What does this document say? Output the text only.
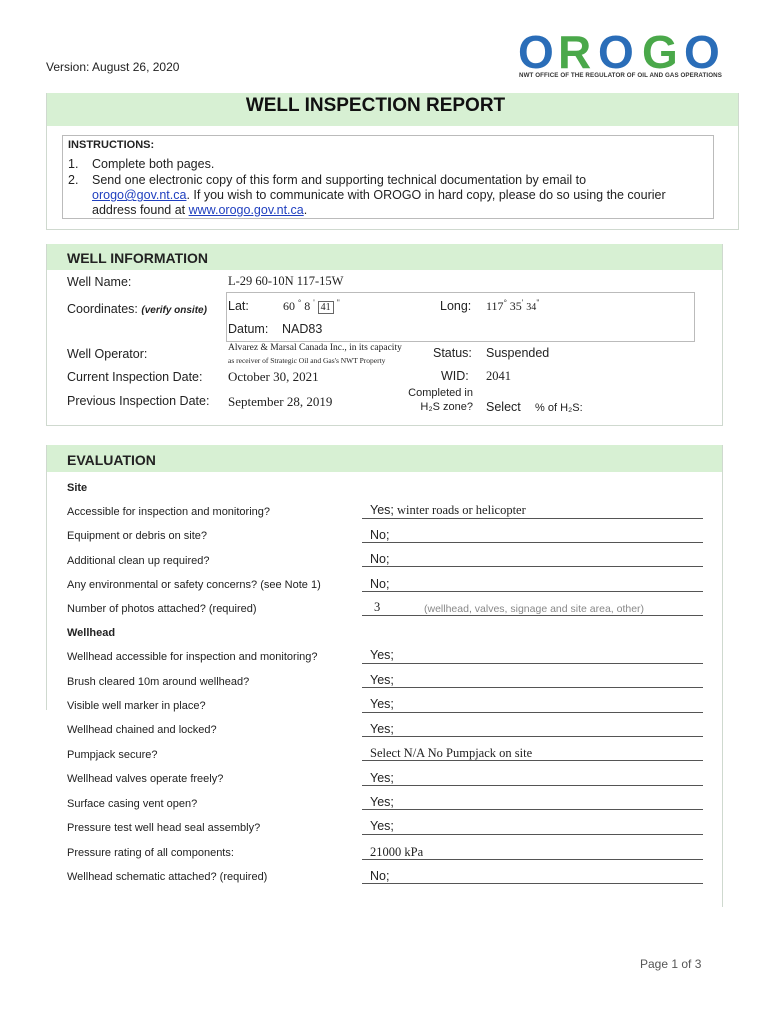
Version: August 26, 2020	O R O G O
NWT OFFICE OF THE REGULATOR OF OIL AND GAS OPERATIONS
WELL INSPECTION REPORT
INSTRUCTIONS:
1. Complete both pages.
2. Send one electronic copy of this form and supporting technical documentation by email to
orogo@gov.nt.ca. If you wish to communicate with OROGO in hard copy, please do so using the courier
address found at www.orogo.gov.nt.ca.
WELL INFORMATION
Well Name:	L-29 60-10N 117-15W
Coordinates: (verify onsite) Lat:	60 ° 8 ' 41 "	Long: 117° 35' 34"
Datum: NAD83
Well Operator:	Alvarez & Marsal Canada Inc., in its capacity
as receiver of Strategic Oil and Gas's NWT Property
Status: Suspended
Current Inspection Date: October 30, 2021	WID: 2041
Previous Inspection Date: September 28, 2019
Completed in
H₂S zone? Select % of H₂S:
EVALUATION
Site
Accessible for inspection and monitoring?	Yes; winter roads or helicopter
Equipment or debris on site?	No;
Additional clean up required?	No;
Any environmental or safety concerns? (see Note 1)	No;
Number of photos attached? (required)	3	(wellhead, valves, signage and site area, other)
Wellhead
Wellhead accessible for inspection and monitoring?	Yes;
Brush cleared 10m around wellhead?	Yes;
Visible well marker in place?	Yes;
Wellhead chained and locked?	Yes;
Pumpjack secure?	Select N/A No Pumpjack on site
Wellhead valves operate freely?	Yes;
Surface casing vent open?	Yes;
Pressure test well head seal assembly?	Yes;
Pressure rating of all components:	21000 kPa
Wellhead schematic attached? (required)	No;
Page 1 of 3
